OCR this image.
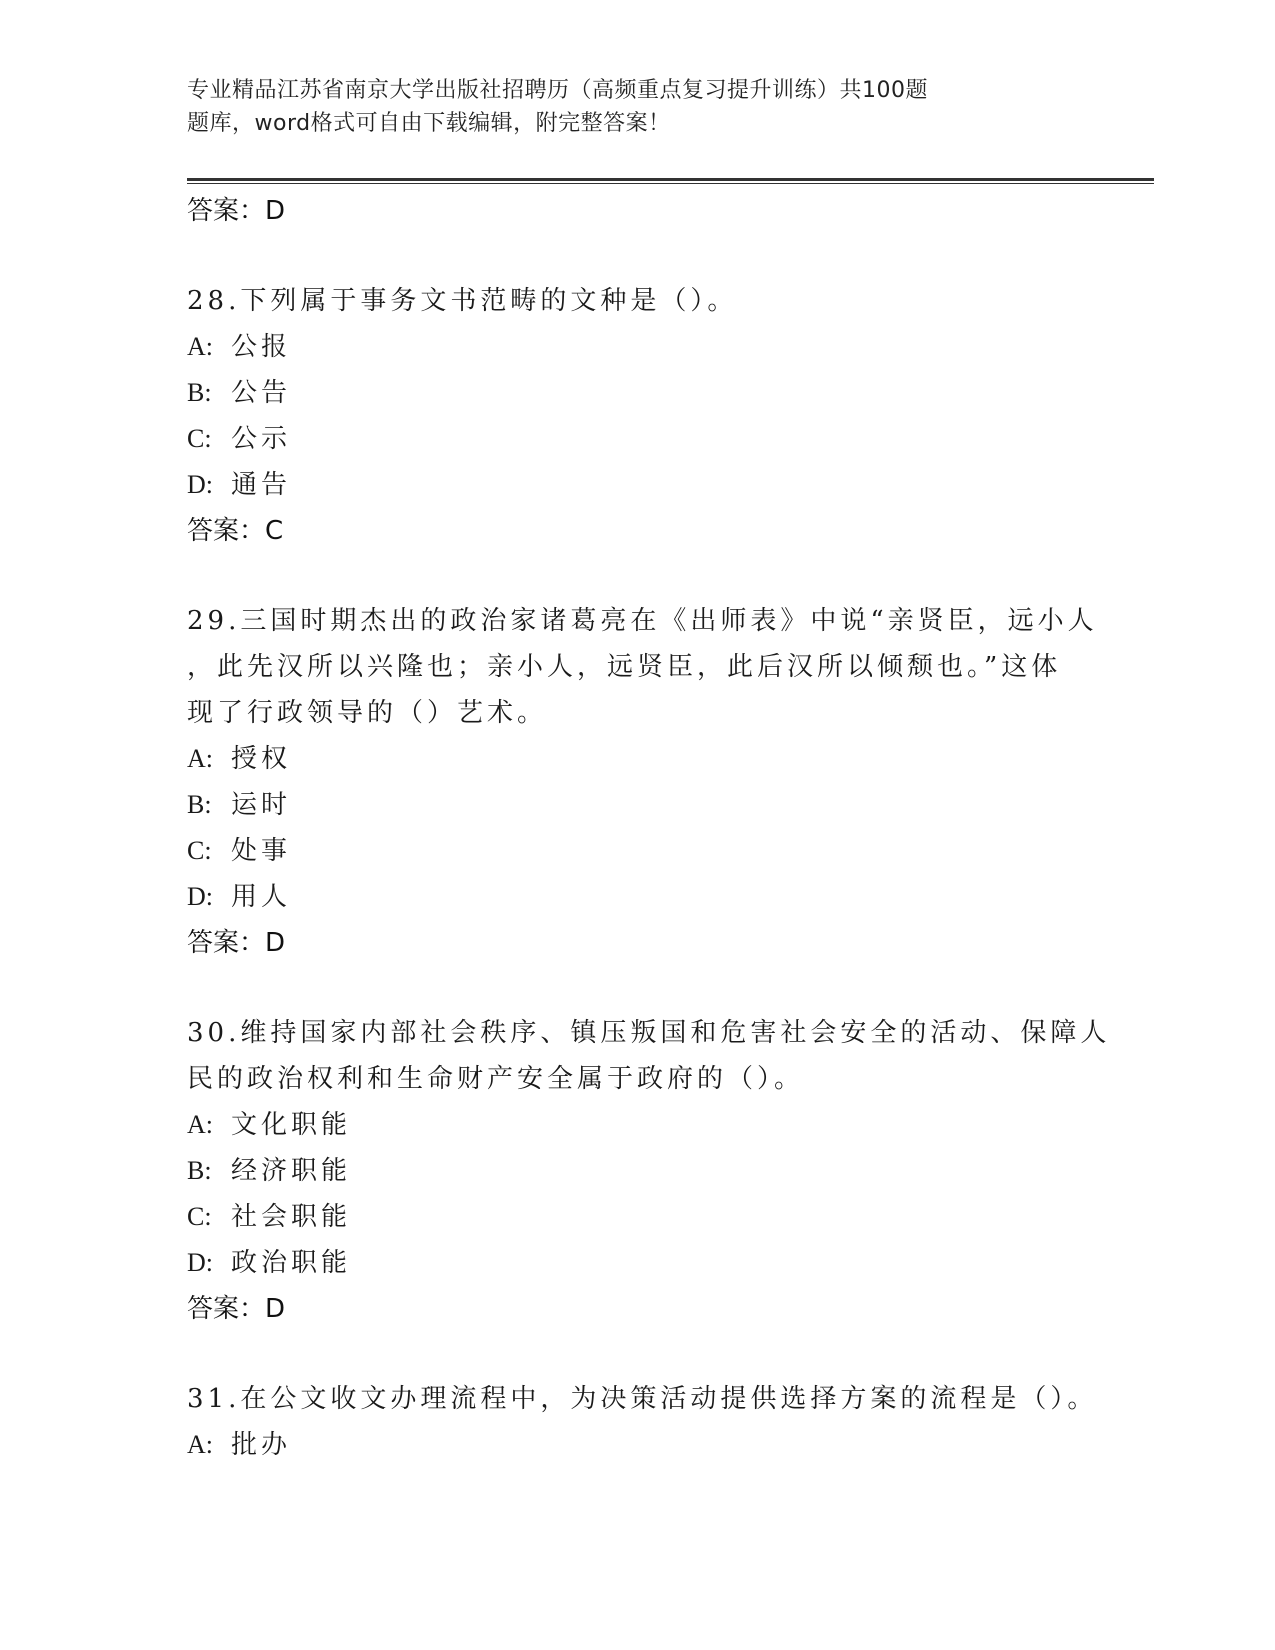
专业精品江苏省南京大学出版社招聘历（高频重点复习提升训练）共100题
题库，word格式可自由下载编辑，附完整答案！
答案：D
28.下列属于事务文书范畴的文种是（）。
A: 公报
B: 公告
C: 公示
D: 通告
答案：C
29.三国时期杰出的政治家诸葛亮在《出师表》中说“亲贤臣，远小人
，此先汉所以兴隆也；亲小人，远贤臣，此后汉所以倾颓也。”这体
现了行政领导的（）艺术。
A: 授权
B: 运时
C: 处事
D: 用人
答案：D
30.维持国家内部社会秩序、镇压叛国和危害社会安全的活动、保障人
民的政治权利和生命财产安全属于政府的（）。
A: 文化职能
B: 经济职能
C: 社会职能
D: 政治职能
答案：D
31.在公文收文办理流程中，为决策活动提供选择方案的流程是（）。
A: 批办
